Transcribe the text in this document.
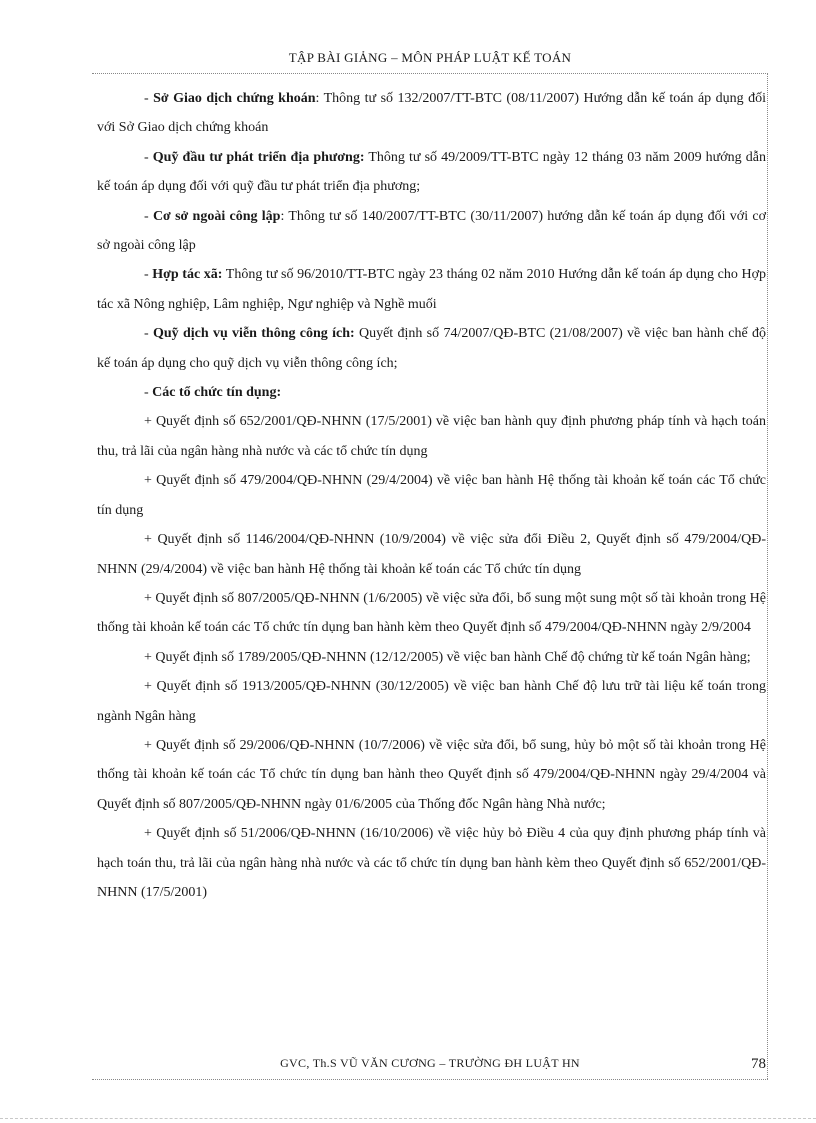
TẬP BÀI GIẢNG – MÔN PHÁP LUẬT KẾ TOÁN

- Sở Giao dịch chứng khoán: Thông tư số 132/2007/TT-BTC (08/11/2007) Hướng dẫn kế toán áp dụng đối với Sở Giao dịch chứng khoán

- Quỹ đầu tư phát triển địa phương: Thông tư số 49/2009/TT-BTC ngày 12 tháng 03 năm 2009 hướng dẫn kế toán áp dụng đối với quỹ đầu tư phát triển địa phương;

- Cơ sở ngoài công lập: Thông tư số 140/2007/TT-BTC (30/11/2007) hướng dẫn kế toán áp dụng đối với cơ sở ngoài công lập

- Hợp tác xã: Thông tư số 96/2010/TT-BTC ngày 23 tháng 02 năm 2010 Hướng dẫn kế toán áp dụng cho Hợp tác xã Nông nghiệp, Lâm nghiệp, Ngư nghiệp và Nghề muối

- Quỹ dịch vụ viễn thông công ích: Quyết định số 74/2007/QĐ-BTC (21/08/2007) về việc ban hành chế độ kế toán áp dụng cho quỹ dịch vụ viễn thông công ích;

- Các tổ chức tín dụng:

+ Quyết định số 652/2001/QĐ-NHNN (17/5/2001) về việc ban hành quy định phương pháp tính và hạch toán thu, trả lãi của ngân hàng nhà nước và các tổ chức tín dụng

+ Quyết định số 479/2004/QĐ-NHNN (29/4/2004) về việc ban hành Hệ thống tài khoản kế toán các Tổ chức tín dụng

+ Quyết định số 1146/2004/QĐ-NHNN (10/9/2004) về việc sửa đổi Điều 2, Quyết định số 479/2004/QĐ-NHNN (29/4/2004) về việc ban hành Hệ thống tài khoản kế toán các Tổ chức tín dụng

+ Quyết định số 807/2005/QĐ-NHNN (1/6/2005) về việc sửa đổi, bổ sung một sung một số tài khoản trong Hệ thống tài khoản kế toán các Tổ chức tín dụng ban hành kèm theo Quyết định số 479/2004/QĐ-NHNN ngày 2/9/2004

+ Quyết định số 1789/2005/QĐ-NHNN (12/12/2005) về việc ban hành Chế độ chứng từ kế toán Ngân hàng;

+ Quyết định số 1913/2005/QĐ-NHNN (30/12/2005) về việc ban hành Chế độ lưu trữ tài liệu kế toán trong ngành Ngân hàng

+ Quyết định số 29/2006/QĐ-NHNN (10/7/2006) về việc sửa đổi, bổ sung, hủy bỏ một số tài khoản trong Hệ thống tài khoản kế toán các Tổ chức tín dụng ban hành theo Quyết định số 479/2004/QĐ-NHNN ngày 29/4/2004 và Quyết định số 807/2005/QĐ-NHNN ngày 01/6/2005 của Thống đốc Ngân hàng Nhà nước;

+ Quyết định số 51/2006/QĐ-NHNN (16/10/2006) về việc hủy bỏ Điều 4 của quy định phương pháp tính và hạch toán thu, trả lãi của ngân hàng nhà nước và các tổ chức tín dụng ban hành kèm theo Quyết định số 652/2001/QĐ-NHNN (17/5/2001)

GVC, Th.S VŨ VĂN CƯƠNG – TRƯỜNG ĐH LUẬT HN	78
